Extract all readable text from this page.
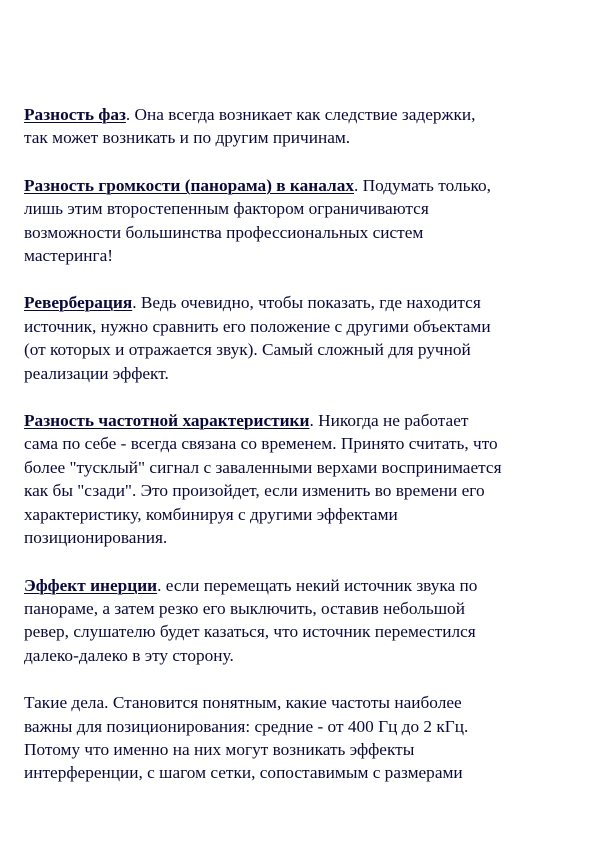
Разность фаз. Она всегда возникает как следствие задержки,
так может возникать и по другим причинам.

Разность громкости (панорама) в каналах. Подумать только,
лишь этим второстепенным фактором ограничиваются
возможности большинства профессиональных систем
мастеринга!

Реверберация. Ведь очевидно, чтобы показать, где находится
источник, нужно сравнить его положение с другими объектами
(от которых и отражается звук). Самый сложный для ручной
реализации эффект.

Разность частотной характеристики. Никогда не работает
сама по себе - всегда связана со временем. Принято считать, что
более "тусклый" сигнал с заваленными верхами воспринимается
как бы "сзади". Это произойдет, если изменить во времени его
характеристику, комбинируя с другими эффектами
позиционирования.

Эффект инерции. если перемещать некий источник звука по
панораме, а затем резко его выключить, оставив небольшой
ревер, слушателю будет казаться, что источник переместился
далеко-далеко в эту сторону.

Такие дела. Становится понятным, какие частоты наиболее
важны для позиционирования: средние - от 400 Гц до 2 кГц.
Потому что именно на них могут возникать эффекты
интерференции, с шагом сетки, сопоставимым с размерами
